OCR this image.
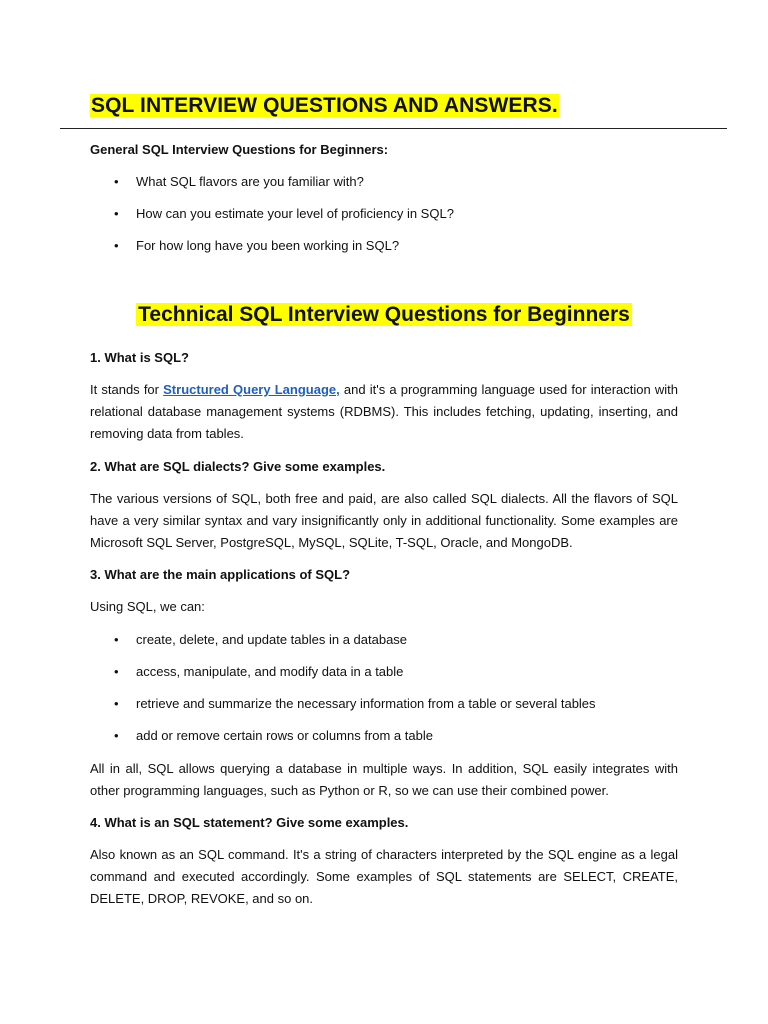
SQL INTERVIEW QUESTIONS AND ANSWERS.

General SQL Interview Questions for Beginners:

• What SQL flavors are you familiar with?
• How can you estimate your level of proficiency in SQL?
• For how long have you been working in SQL?
Technical SQL Interview Questions for Beginners

1. What is SQL?

It stands for Structured Query Language, and it's a programming language used for interaction with relational database management systems (RDBMS). This includes fetching, updating, inserting, and removing data from tables.

2. What are SQL dialects? Give some examples.

The various versions of SQL, both free and paid, are also called SQL dialects. All the flavors of SQL have a very similar syntax and vary insignificantly only in additional functionality. Some examples are Microsoft SQL Server, PostgreSQL, MySQL, SQLite, T-SQL, Oracle, and MongoDB.

3. What are the main applications of SQL?

Using SQL, we can:

• create, delete, and update tables in a database
• access, manipulate, and modify data in a table
• retrieve and summarize the necessary information from a table or several tables
• add or remove certain rows or columns from a table

All in all, SQL allows querying a database in multiple ways. In addition, SQL easily integrates with other programming languages, such as Python or R, so we can use their combined power.

4. What is an SQL statement? Give some examples.

Also known as an SQL command. It's a string of characters interpreted by the SQL engine as a legal command and executed accordingly. Some examples of SQL statements are SELECT, CREATE, DELETE, DROP, REVOKE, and so on.
